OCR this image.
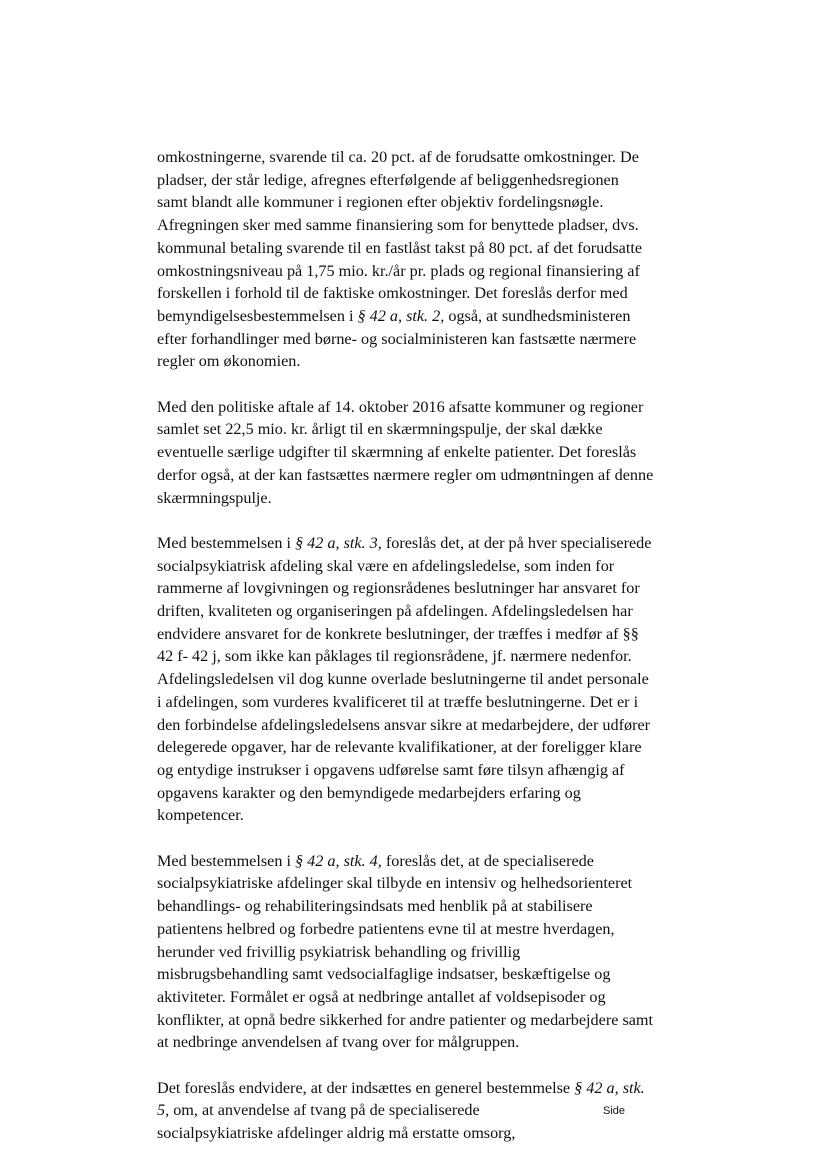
omkostningerne, svarende til ca. 20 pct. af de forudsatte omkostninger. De
pladser, der står ledige, afregnes efterfølgende af beliggenhedsregionen
samt blandt alle kommuner i regionen efter objektiv fordelingsnøgle.
Afregningen sker med samme finansiering som for benyttede pladser, dvs.
kommunal betaling svarende til en fastlåst takst på 80 pct. af det forudsatte
omkostningsniveau på 1,75 mio. kr./år pr. plads og regional finansiering af
forskellen i forhold til de faktiske omkostninger. Det foreslås derfor med
bemyndigelsesbestemmelsen i § 42 a, stk. 2, også, at sundhedsministeren
efter forhandlinger med børne- og socialministeren kan fastsætte nærmere
regler om økonomien.

Med den politiske aftale af 14. oktober 2016 afsatte kommuner og regioner
samlet set 22,5 mio. kr. årligt til en skærmningspulje, der skal dække
eventuelle særlige udgifter til skærmning af enkelte patienter. Det foreslås
derfor også, at der kan fastsættes nærmere regler om udmøntningen af denne
skærmningspulje.

Med bestemmelsen i § 42 a, stk. 3, foreslås det, at der på hver specialiserede
socialpsykiatrisk afdeling skal være en afdelingsledelse, som inden for
rammerne af lovgivningen og regionsrådenes beslutninger har ansvaret for
driften, kvaliteten og organiseringen på afdelingen. Afdelingsledelsen har
endvidere ansvaret for de konkrete beslutninger, der træffes i medfør af §§
42 f- 42 j, som ikke kan påklages til regionsrådene, jf. nærmere nedenfor.
Afdelingsledelsen vil dog kunne overlade beslutningerne til andet personale
i afdelingen, som vurderes kvalificeret til at træffe beslutningerne. Det er i
den forbindelse afdelingsledelsens ansvar sikre at medarbejdere, der udfører
delegerede opgaver, har de relevante kvalifikationer, at der foreligger klare
og entydige instrukser i opgavens udførelse samt føre tilsyn afhængig af
opgavens karakter og den bemyndigede medarbejders erfaring og
kompetencer.

Med bestemmelsen i § 42 a, stk. 4, foreslås det, at de specialiserede
socialpsykiatriske afdelinger skal tilbyde en intensiv og helhedsorienteret
behandlings- og rehabiliteringsindsats med henblik på at stabilisere
patientens helbred og forbedre patientens evne til at mestre hverdagen,
herunder ved frivillig psykiatrisk behandling og frivillig
misbrugsbehandling samt vedsocialfaglige indsatser, beskæftigelse og
aktiviteter. Formålet er også at nedbringe antallet af voldsepisoder og
konflikter, at opnå bedre sikkerhed for andre patienter og medarbejdere samt
at nedbringe anvendelsen af tvang over for målgruppen.

Det foreslås endvidere, at der indsættes en generel bestemmelse § 42 a, stk.
5, om, at anvendelse af tvang på de specialiserede
socialpsykiatriske afdelinger aldrig må erstatte omsorg,

Side
